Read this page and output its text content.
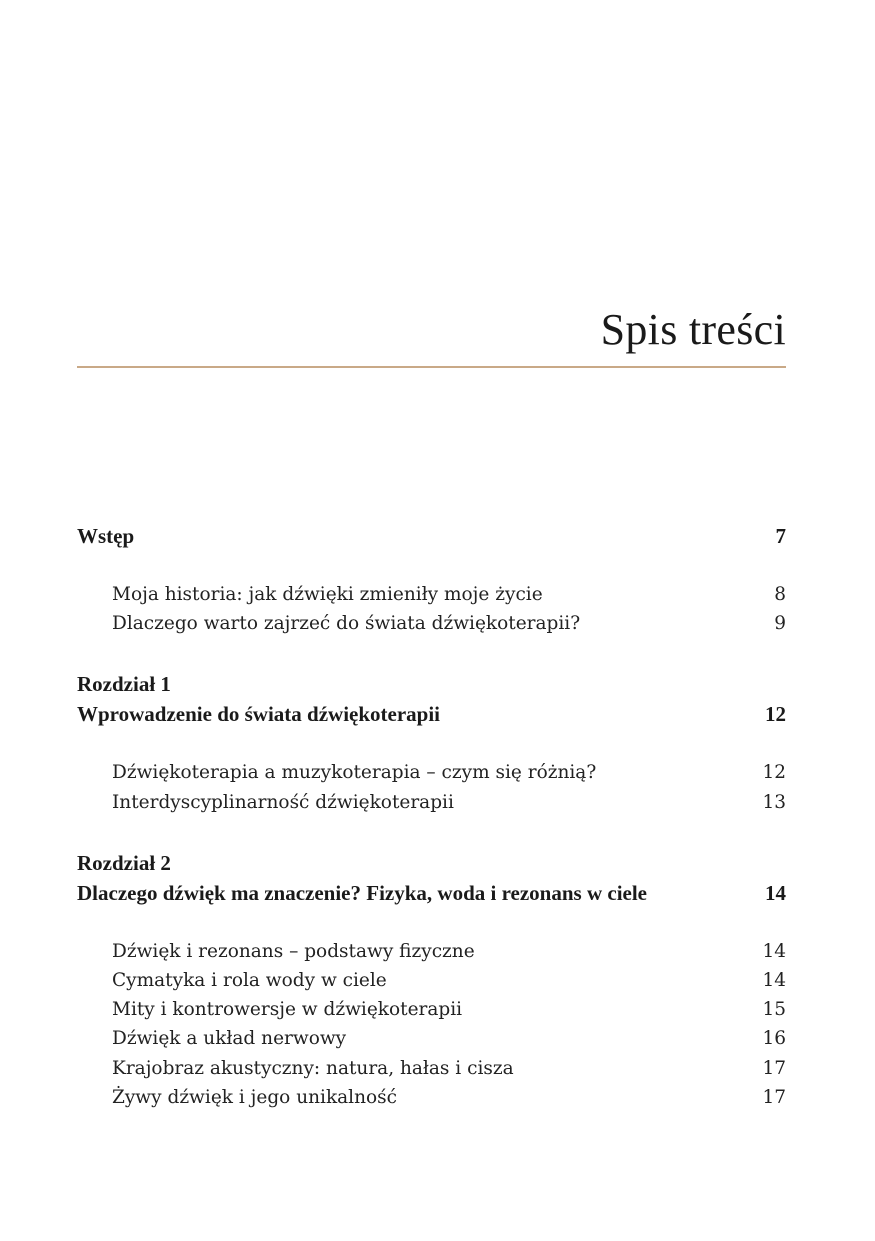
Spis treści
Wstęp	7
Moja historia: jak dźwięki zmieniły moje życie	8
Dlaczego warto zajrzeć do świata dźwiękoterapii?	9
Rozdział 1
Wprowadzenie do świata dźwiękoterapii	12
Dźwiękoterapia a muzykoterapia – czym się różnią?	12
Interdyscyplinarność dźwiękoterapii	13
Rozdział 2
Dlaczego dźwięk ma znaczenie? Fizyka, woda i rezonans w ciele	14
Dźwięk i rezonans – podstawy fizyczne	14
Cymatyka i rola wody w ciele	14
Mity i kontrowersje w dźwiękoterapii	15
Dźwięk a układ nerwowy	16
Krajobraz akustyczny: natura, hałas i cisza	17
Żywy dźwięk i jego unikalność	17
